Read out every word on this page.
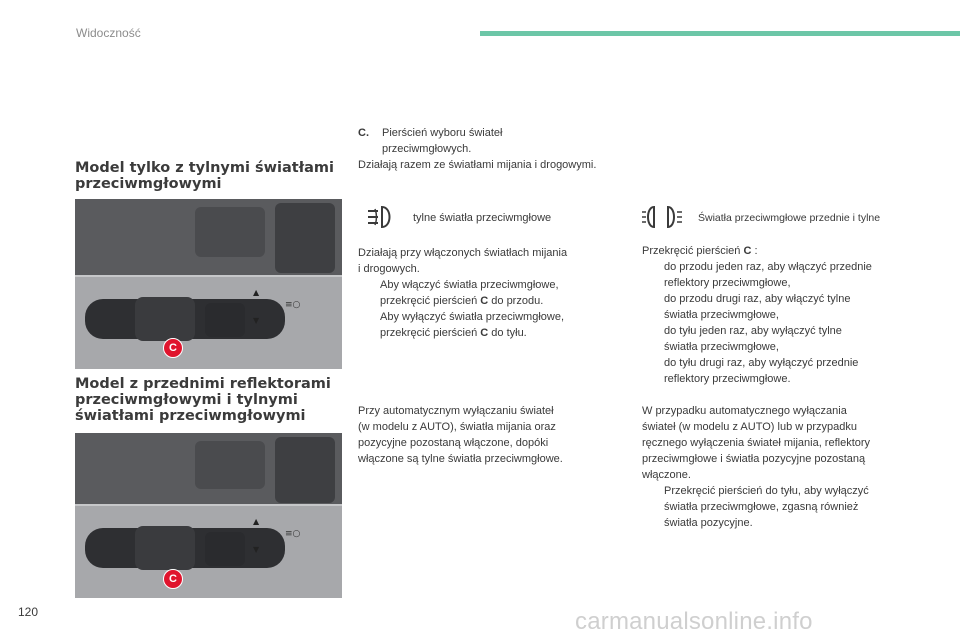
Widoczność
Model tylko z tylnymi światłami przeciwmgłowymi
▲
▼
≡○
C
Model z przednimi reflektorami przeciwmgłowymi i tylnymi światłami przeciwmgłowymi
▲
▼
≡○
C
C. Pierścień wyboru świateł
przeciwmgłowych.
Działają razem ze światłami mijania i drogowymi.
tylne światła przeciwmgłowe
Działają przy włączonych światłach mijania
i drogowych.
Aby włączyć światła przeciwmgłowe,
przekręcić pierścień C do przodu.
Aby wyłączyć światła przeciwmgłowe,
przekręcić pierścień C do tyłu.
Przy automatycznym wyłączaniu świateł
(w modelu z AUTO), światła mijania oraz
pozycyjne pozostaną włączone, dopóki
włączone są tylne światła przeciwmgłowe.
Światła przeciwmgłowe przednie i tylne
Przekręcić pierścień C :
do przodu jeden raz, aby włączyć przednie
reflektory przeciwmgłowe,
do przodu drugi raz, aby włączyć tylne
światła przeciwmgłowe,
do tyłu jeden raz, aby wyłączyć tylne
światła przeciwmgłowe,
do tyłu drugi raz, aby wyłączyć przednie
reflektory przeciwmgłowe.
W przypadku automatycznego wyłączania
świateł (w modelu z AUTO) lub w przypadku
ręcznego wyłączenia świateł mijania, reflektory
przeciwmgłowe i światła pozycyjne pozostaną
włączone.
Przekręcić pierścień do tyłu, aby wyłączyć
światła przeciwmgłowe, zgasną również
światła pozycyjne.
120	carmanualsonline.info
